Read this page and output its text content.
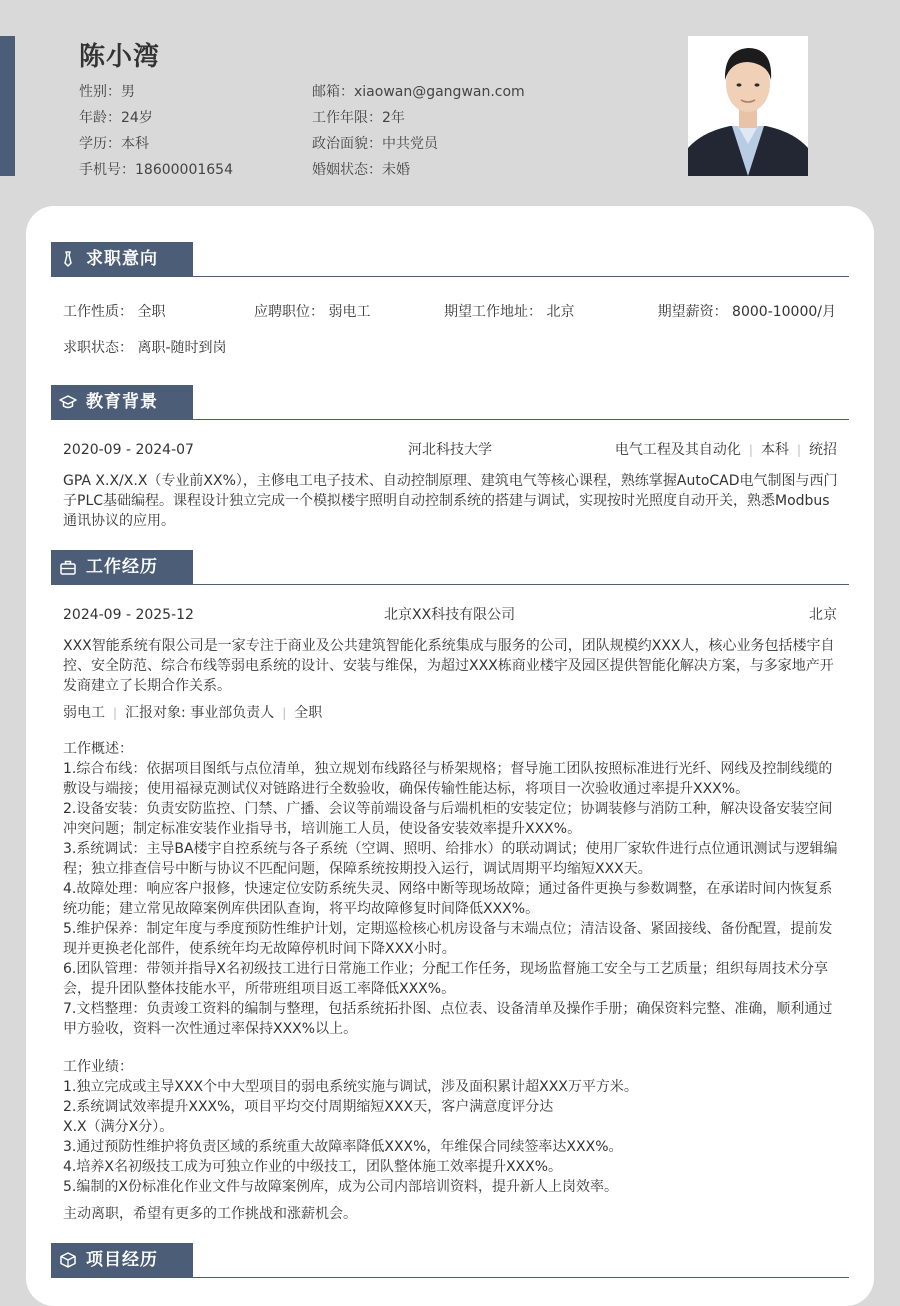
陈小湾
性别：男
年龄：24岁
学历：本科
手机号：18600001654
邮箱：xiaowan@gangwan.com
工作年限：2年
政治面貌：中共党员
婚姻状态：未婚
求职意向
工作性质： 全职	应聘职位： 弱电工	期望工作地址： 北京	期望薪资： 8000-10000/月
求职状态： 离职-随时到岗
教育背景
2020-09 - 2024-07	河北科技大学	电气工程及其自动化 | 本科 | 统招
GPA X.X/X.X（专业前XX%），主修电工电子技术、自动控制原理、建筑电气等核心课程，熟练掌握AutoCAD电气制图与西门子PLC基础编程。课程设计独立完成一个模拟楼宇照明自动控制系统的搭建与调试，实现按时光照度自动开关，熟悉Modbus通讯协议的应用。
工作经历
2024-09 - 2025-12	北京XX科技有限公司	北京
XXX智能系统有限公司是一家专注于商业及公共建筑智能化系统集成与服务的公司，团队规模约XXX人，核心业务包括楼宇自控、安全防范、综合布线等弱电系统的设计、安装与维保，为超过XXX栋商业楼宇及园区提供智能化解决方案，与多家地产开发商建立了长期合作关系。
弱电工 | 汇报对象: 事业部负责人 | 全职
工作概述：
1.综合布线：依据项目图纸与点位清单，独立规划布线路径与桥架规格；督导施工团队按照标准进行光纤、网线及控制线缆的敷设与端接；使用福禄克测试仪对链路进行全数验收，确保传输性能达标，将项目一次验收通过率提升XXX%。
2.设备安装：负责安防监控、门禁、广播、会议等前端设备与后端机柜的安装定位；协调装修与消防工种，解决设备安装空间冲突问题；制定标准安装作业指导书，培训施工人员，使设备安装效率提升XXX%。
3.系统调试：主导BA楼宇自控系统与各子系统（空调、照明、给排水）的联动调试；使用厂家软件进行点位通讯测试与逻辑编程；独立排查信号中断与协议不匹配问题，保障系统按期投入运行，调试周期平均缩短XXX天。
4.故障处理：响应客户报修，快速定位安防系统失灵、网络中断等现场故障；通过备件更换与参数调整，在承诺时间内恢复系统功能；建立常见故障案例库供团队查询，将平均故障修复时间降低XXX%。
5.维护保养：制定年度与季度预防性维护计划，定期巡检核心机房设备与末端点位；清洁设备、紧固接线、备份配置，提前发现并更换老化部件，使系统年均无故障停机时间下降XXX小时。
6.团队管理：带领并指导X名初级技工进行日常施工作业；分配工作任务，现场监督施工安全与工艺质量；组织每周技术分享会，提升团队整体技能水平，所带班组项目返工率降低XXX%。
7.文档整理：负责竣工资料的编制与整理，包括系统拓扑图、点位表、设备清单及操作手册；确保资料完整、准确，顺利通过甲方验收，资料一次性通过率保持XXX%以上。
工作业绩：
1.独立完成或主导XXX个中大型项目的弱电系统实施与调试，涉及面积累计超XXX万平方米。
2.系统调试效率提升XXX%，项目平均交付周期缩短XXX天，客户满意度评分达
X.X（满分X分）。
3.通过预防性维护将负责区域的系统重大故障率降低XXX%，年维保合同续签率达XXX%。
4.培养X名初级技工成为可独立作业的中级技工，团队整体施工效率提升XXX%。
5.编制的X份标准化作业文件与故障案例库，成为公司内部培训资料，提升新人上岗效率。
主动离职，希望有更多的工作挑战和涨薪机会。
项目经历
